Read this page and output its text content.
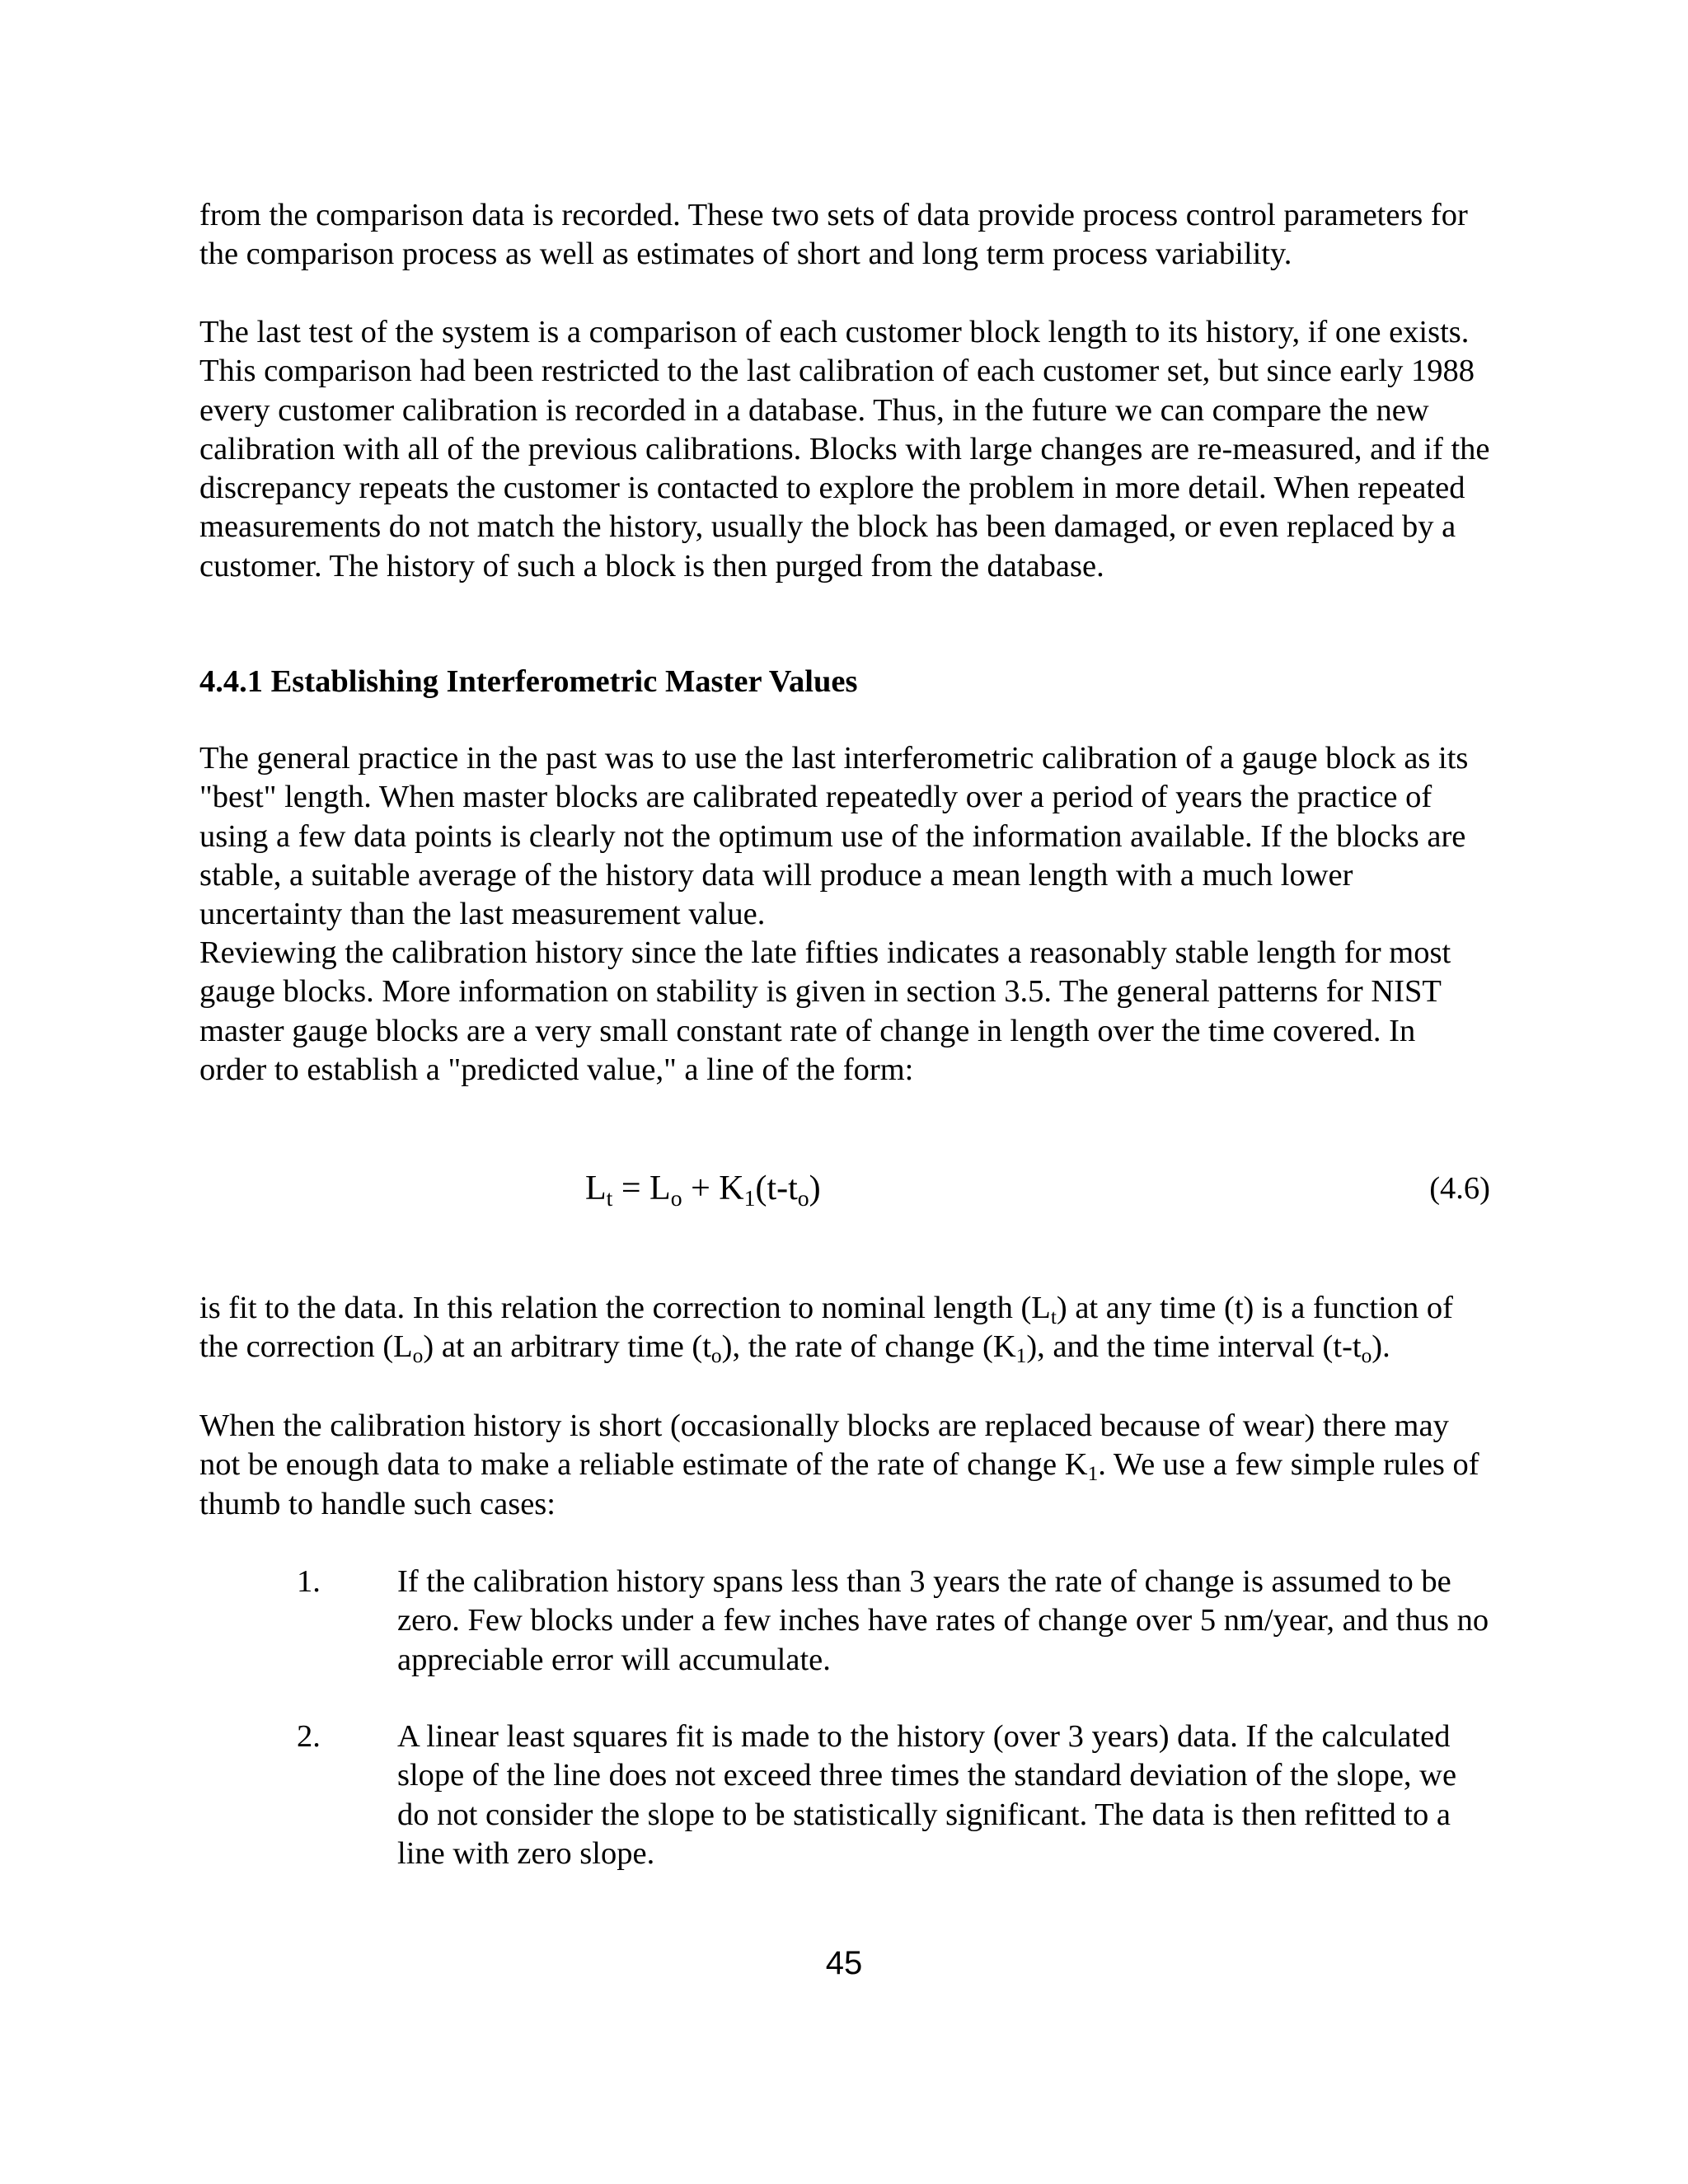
from the comparison data is recorded. These two sets of data provide process control parameters for the comparison process as well as estimates of short and long term process variability.

The last test of the system is a comparison of each customer block length to its history, if one exists. This comparison had been restricted to the last calibration of each customer set, but since early 1988 every customer calibration is recorded in a database. Thus, in the future we can compare the new calibration with all of the previous calibrations. Blocks with large changes are re-measured, and if the discrepancy repeats the customer is contacted to explore the problem in more detail. When repeated measurements do not match the history, usually the block has been damaged, or even replaced by a customer. The history of such a block is then purged from the database.

4.4.1 Establishing Interferometric Master Values

The general practice in the past was to use the last interferometric calibration of a gauge block as its "best" length. When master blocks are calibrated repeatedly over a period of years the practice of using a few data points is clearly not the optimum use of the information available. If the blocks are stable, a suitable average of the history data will produce a mean length with a much lower uncertainty than the last measurement value.

Reviewing the calibration history since the late fifties indicates a reasonably stable length for most gauge blocks. More information on stability is given in section 3.5. The general patterns for NIST master gauge blocks are a very small constant rate of change in length over the time covered. In order to establish a "predicted value," a line of the form:

$L_t = L_o + K_1(t-t_o)$	(4.6)

is fit to the data. In this relation the correction to nominal length $(L_t)$ at any time (t) is a function of the correction $(L_o)$ at an arbitrary time $(t_o)$, the rate of change $(K_1)$, and the time interval $(t-t_o)$.

When the calibration history is short (occasionally blocks are replaced because of wear) there may not be enough data to make a reliable estimate of the rate of change $K_1$. We use a few simple rules of thumb to handle such cases:

1. If the calibration history spans less than 3 years the rate of change is assumed to be zero. Few blocks under a few inches have rates of change over 5 nm/year, and thus no appreciable error will accumulate.
2. A linear least squares fit is made to the history (over 3 years) data. If the calculated slope of the line does not exceed three times the standard deviation of the slope, we do not consider the slope to be statistically significant. The data is then refitted to a line with zero slope.
45
